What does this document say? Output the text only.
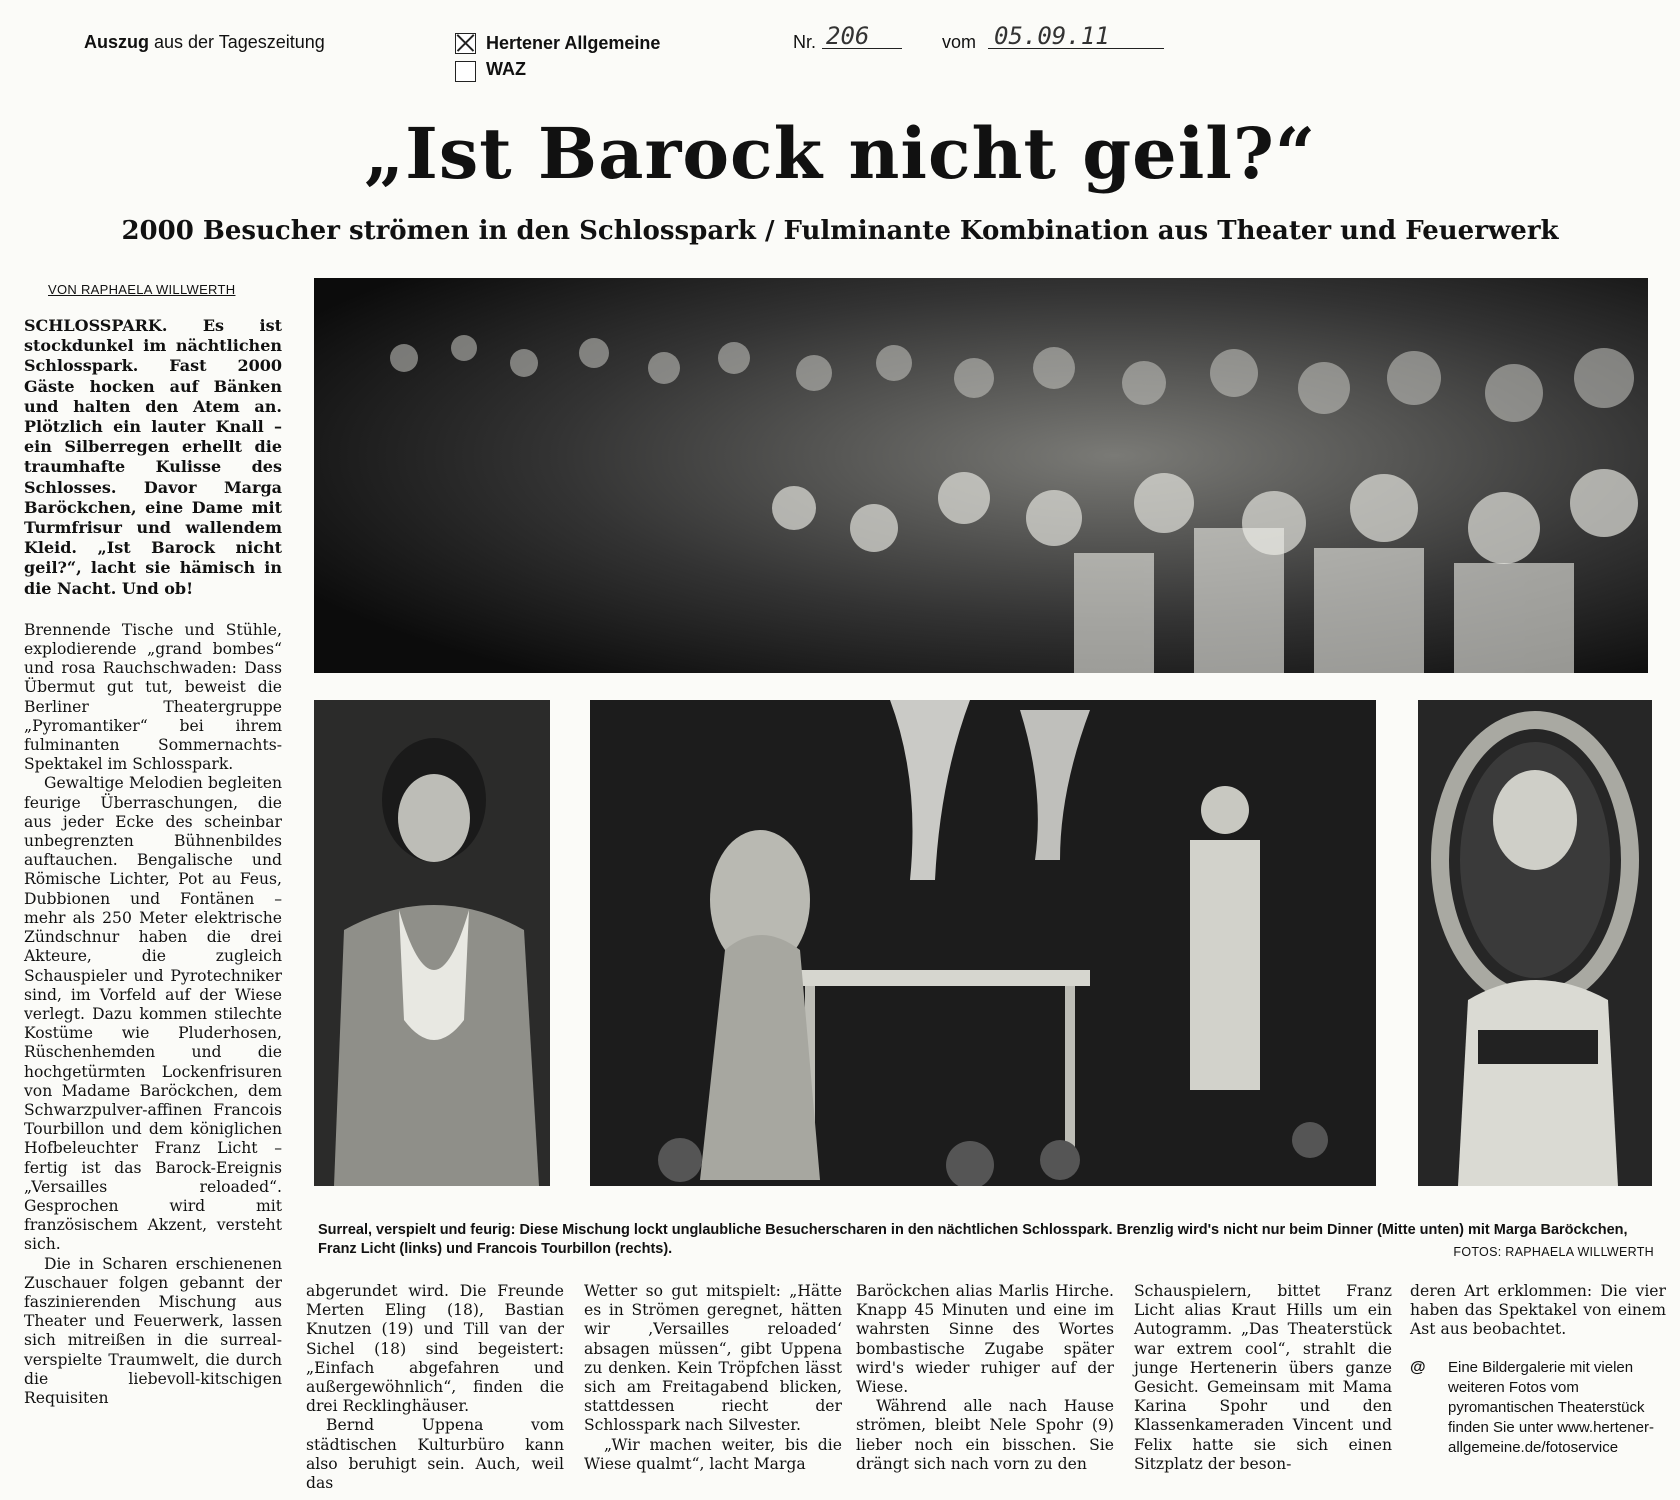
Auszug aus der Tageszeitung	Hertener Allgemeine
WAZ
Nr. 206	vom 05.09.11
„Ist Barock nicht geil?“
2000 Besucher strömen in den Schlosspark / Fulminante Kombination aus Theater und Feuerwerk
VON RAPHAELA WILLWERTH

SCHLOSSPARK. Es ist stockdunkel im nächtlichen Schlosspark. Fast 2000 Gäste hocken auf Bänken und halten den Atem an. Plötzlich ein lauter Knall – ein Silberregen erhellt die traumhafte Kulisse des Schlosses. Davor Marga Baröckchen, eine Dame mit Turmfrisur und wallendem Kleid. „Ist Barock nicht geil?“, lacht sie hämisch in die Nacht. Und ob!

Brennende Tische und Stühle, explodierende „grand bombes“ und rosa Rauchschwaden: Dass Übermut gut tut, beweist die Berliner Theatergruppe „Pyromantiker“ bei ihrem fulminanten Sommernachts-Spektakel im Schlosspark.

Gewaltige Melodien begleiten feurige Überraschungen, die aus jeder Ecke des scheinbar unbegrenzten Bühnenbildes auftauchen. Bengalische und Römische Lichter, Pot au Feus, Dubbionen und Fontänen – mehr als 250 Meter elektrische Zündschnur haben die drei Akteure, die zugleich Schauspieler und Pyrotechniker sind, im Vorfeld auf der Wiese verlegt. Dazu kommen stilechte Kostüme wie Pluderhosen, Rüschenhemden und die hochgetürmten Lockenfrisuren von Madame Baröckchen, dem Schwarzpulver-affinen Francois Tourbillon und dem königlichen Hofbeleuchter Franz Licht – fertig ist das Barock-Ereignis „Versailles reloaded“. Gesprochen wird mit französischem Akzent, versteht sich.

Die in Scharen erschienenen Zuschauer folgen gebannt der faszinierenden Mischung aus Theater und Feuerwerk, lassen sich mitreißen in die surreal-verspielte Traumwelt, die durch die liebevoll-kitschigen Requisiten

Surreal, verspielt und feurig: Diese Mischung lockt unglaubliche Besucherscharen in den nächtlichen Schlosspark. Brenzlig wird's nicht nur beim Dinner (Mitte unten) mit Marga Baröckchen, Franz Licht (links) und Francois Tourbillon (rechts).	FOTOS: RAPHAELA WILLWERTH

abgerundet wird. Die Freunde Merten Eling (18), Bastian Knutzen (19) und Till van der Sichel (18) sind begeistert: „Einfach abgefahren und außergewöhnlich“, finden die drei Recklinghäuser.

Bernd Uppena vom städtischen Kulturbüro kann also beruhigt sein. Auch, weil das

Wetter so gut mitspielt: „Hätte es in Strömen geregnet, hätten wir ‚Versailles reloaded‘ absagen müssen“, gibt Uppena zu denken. Kein Tröpfchen lässt sich am Freitagabend blicken, stattdessen riecht der Schlosspark nach Silvester.

„Wir machen weiter, bis die Wiese qualmt“, lacht Marga

Baröckchen alias Marlis Hirche. Knapp 45 Minuten und eine im wahrsten Sinne des Wortes bombastische Zugabe später wird's wieder ruhiger auf der Wiese.

Während alle nach Hause strömen, bleibt Nele Spohr (9) lieber noch ein bisschen. Sie drängt sich nach vorn zu den

Schauspielern, bittet Franz Licht alias Kraut Hills um ein Autogramm. „Das Theaterstück war extrem cool“, strahlt die junge Hertenerin übers ganze Gesicht. Gemeinsam mit Mama Karina Spohr und den Klassenkameraden Vincent und Felix hatte sie sich einen Sitzplatz der beson-

deren Art erklommen: Die vier haben das Spektakel von einem Ast aus beobachtet.

@ Eine Bildergalerie mit vielen weiteren Fotos vom pyromantischen Theaterstück finden Sie unter www.hertener-allgemeine.de/fotoservice
